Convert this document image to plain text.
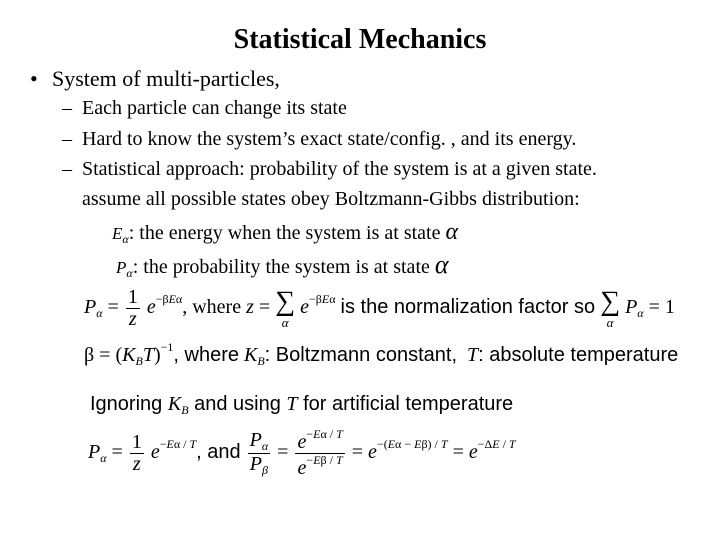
Statistical Mechanics
• System of multi-particles,
– Each particle can change its state
– Hard to know the system’s exact state/config. , and its energy.
– Statistical approach: probability of the system is at a given state.
assume all possible states obey Boltzmann-Gibbs distribution:
$E_\alpha$: the energy when the system is at state α
$P_\alpha$: the probability the system is at state α
$P_\alpha = \frac{1}{z} e^{-\beta E\alpha}$, where z = ∑
α
$e^{-\beta E\alpha}$ is the normalization factor so ∑
α
$P_\alpha = 1$
$\beta = (K_BT)^{-1}$, where $K_B$: Boltzmann constant, T: absolute temperature
Ignoring $K_B$ and using T for artificial temperature
$P_\alpha = \frac{1}{z} e^{-E\alpha / T}$, and $\frac{P_\alpha}{P_\beta} = \frac{e^{-E\alpha / T}}{e^{-E\beta / T}} = e^{-(E\alpha - E\beta) / T} = e^{-\Delta E / T}$
